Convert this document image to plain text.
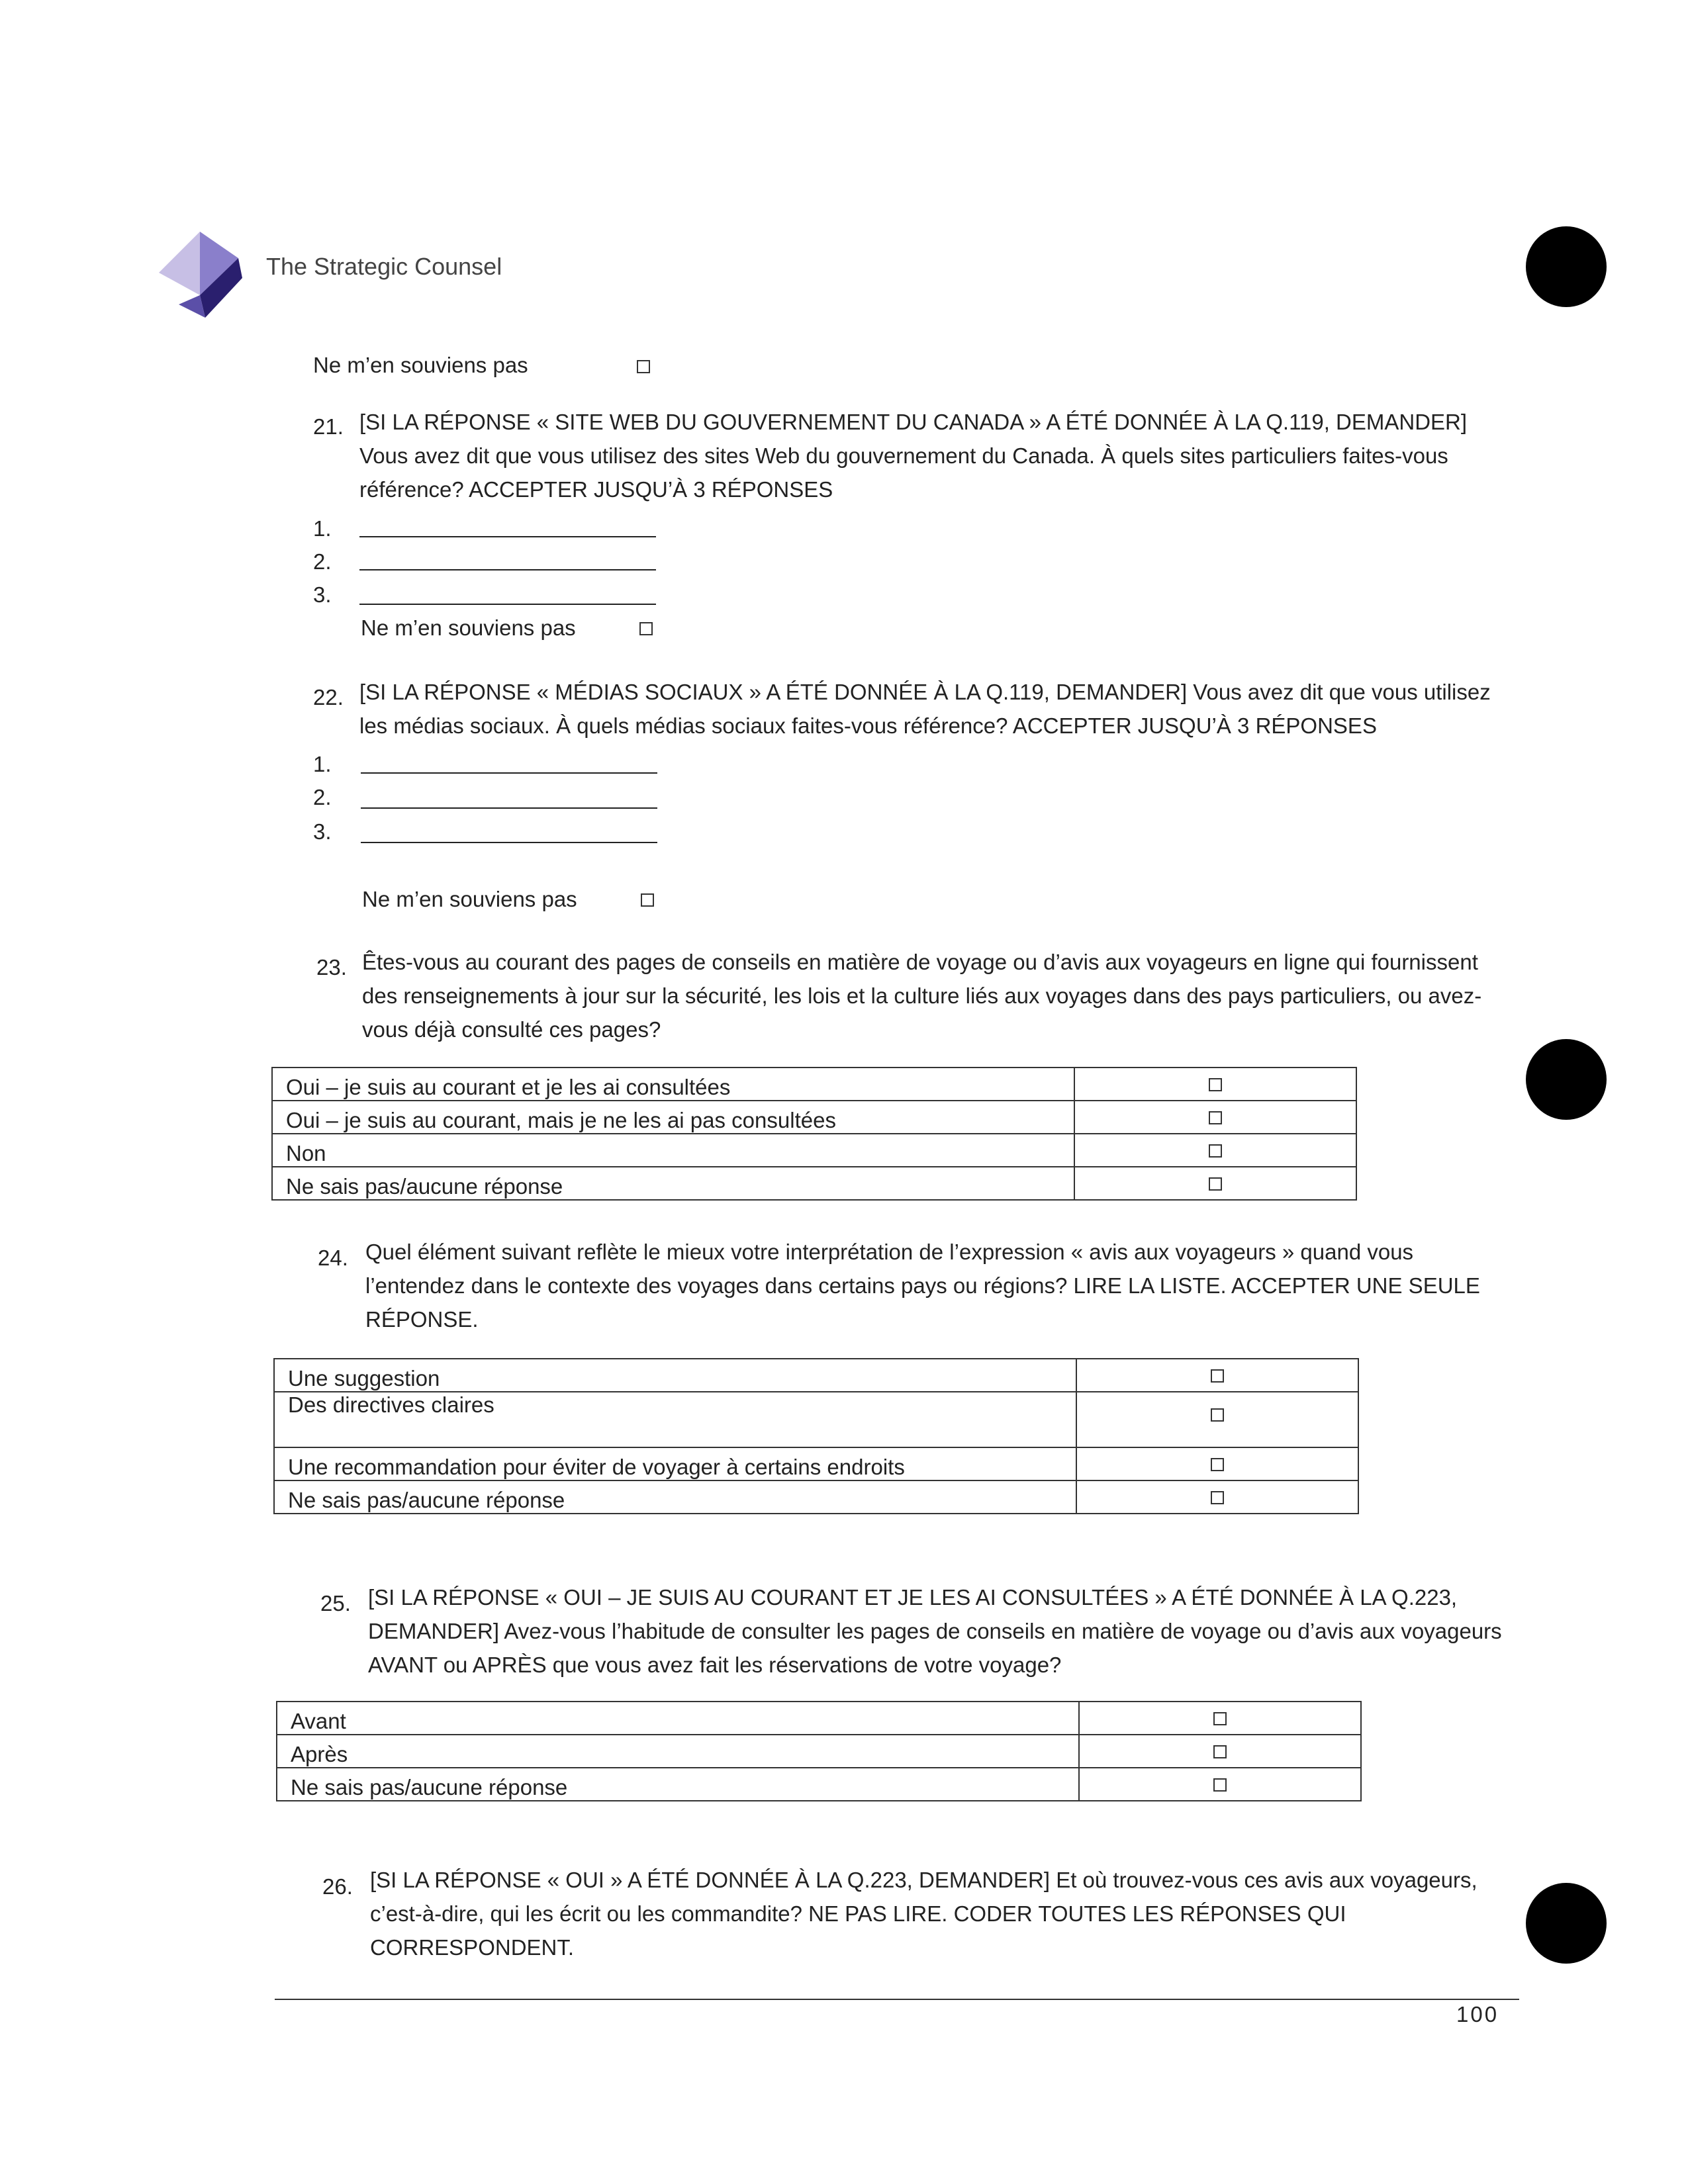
The Strategic Counsel
Ne m’en souviens pas
21. [SI LA RÉPONSE « SITE WEB DU GOUVERNEMENT DU CANADA » A ÉTÉ DONNÉE À LA Q.119, DEMANDER] Vous avez dit que vous utilisez des sites Web du gouvernement du Canada. À quels sites particuliers faites-vous référence? ACCEPTER JUSQU’À 3 RÉPONSES
1.
2.
3.
Ne m’en souviens pas
22. [SI LA RÉPONSE « MÉDIAS SOCIAUX » A ÉTÉ DONNÉE À LA Q.119, DEMANDER] Vous avez dit que vous utilisez les médias sociaux. À quels médias sociaux faites-vous référence? ACCEPTER JUSQU’À 3 RÉPONSES
1.
2.
3.
Ne m’en souviens pas
23. Êtes-vous au courant des pages de conseils en matière de voyage ou d’avis aux voyageurs en ligne qui fournissent des renseignements à jour sur la sécurité, les lois et la culture liés aux voyages dans des pays particuliers, ou avez-vous déjà consulté ces pages?
Oui – je suis au courant et je les ai consultées	
Oui – je suis au courant, mais je ne les ai pas consultées	
Non	
Ne sais pas/aucune réponse	
24. Quel élément suivant reflète le mieux votre interprétation de l’expression « avis aux voyageurs » quand vous l’entendez dans le contexte des voyages dans certains pays ou régions? LIRE LA LISTE. ACCEPTER UNE SEULE RÉPONSE.
Une suggestion	
Des directives claires	
Une recommandation pour éviter de voyager à certains endroits	
Ne sais pas/aucune réponse	
25. [SI LA RÉPONSE « OUI – JE SUIS AU COURANT ET JE LES AI CONSULTÉES » A ÉTÉ DONNÉE À LA Q.223, DEMANDER] Avez-vous l’habitude de consulter les pages de conseils en matière de voyage ou d’avis aux voyageurs AVANT ou APRÈS que vous avez fait les réservations de votre voyage?
Avant	
Après	
Ne sais pas/aucune réponse	
26. [SI LA RÉPONSE « OUI » A ÉTÉ DONNÉE À LA Q.223, DEMANDER] Et où trouvez-vous ces avis aux voyageurs, c’est-à-dire, qui les écrit ou les commandite? NE PAS LIRE. CODER TOUTES LES RÉPONSES QUI CORRESPONDENT.
100
